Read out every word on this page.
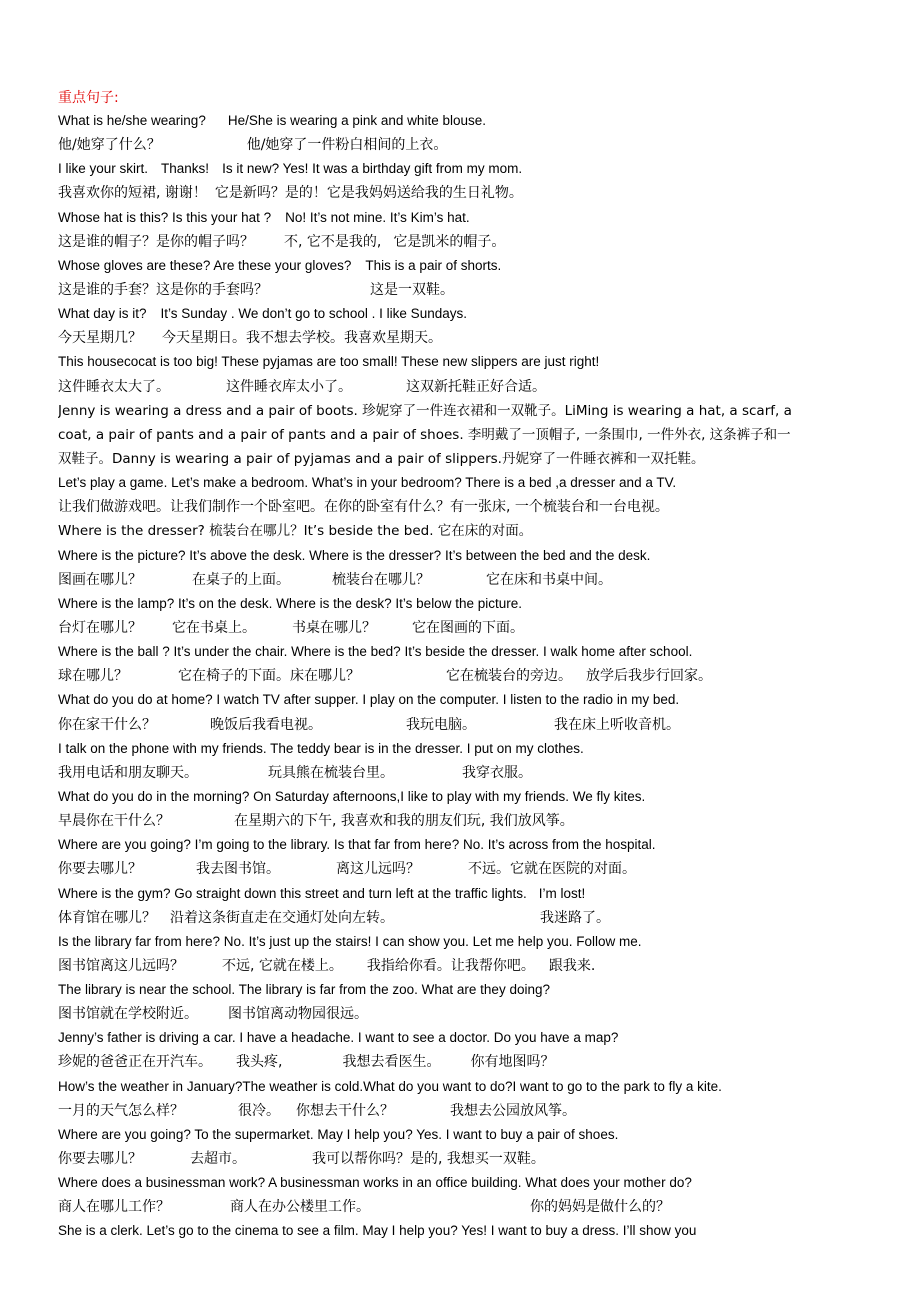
重点句子:
What is he/she wearing? He/She is wearing a pink and white blouse.
他/她穿了什么？	他/她穿了一件粉白相间的上衣。
I like your skirt. Thanks! Is it new? Yes! It was a birthday gift from my mom.
我喜欢你的短裙, 谢谢！ 它是新吗？是的！它是我妈妈送给我的生日礼物。
Whose hat is this? Is this your hat ? No! It’s not mine. It’s Kim’s hat.
这是谁的帽子？是你的帽子吗？ 不, 它不是我的, 它是凯米的帽子。
Whose gloves are these? Are these your gloves? This is a pair of shorts.
这是谁的手套？这是你的手套吗？	这是一双鞋。
What day is it? It’s Sunday . We don’t go to school . I like Sundays.
今天星期几？ 今天星期日。我不想去学校。我喜欢星期天。
This housecocat is too big! These pyjamas are too small! These new slippers are just right!
这件睡衣太大了。	这件睡衣库太小了。	这双新托鞋正好合适。
Jenny is wearing a dress and a pair of boots. 珍妮穿了一件连衣裙和一双靴子。LiMing is wearing a hat, a scarf, a
coat, a pair of pants and a pair of pants and a pair of shoes. 李明戴了一顶帽子, 一条围巾, 一件外衣, 这条裤子和一
双鞋子。Danny is wearing a pair of pyjamas and a pair of slippers.丹妮穿了一件睡衣裤和一双托鞋。
Let’s play a game. Let’s make a bedroom. What’s in your bedroom? There is a bed ,a dresser and a TV.
让我们做游戏吧。让我们制作一个卧室吧。在你的卧室有什么？有一张床, 一个梳装台和一台电视。
Where is the dresser? 梳装台在哪儿？It’s beside the bed. 它在床的对面。
Where is the picture? It’s above the desk. Where is the dresser? It’s between the bed and the desk.
图画在哪儿？	在桌子的上面。	梳装台在哪儿？	它在床和书桌中间。
Where is the lamp? It’s on the desk. Where is the desk? It’s below the picture.
台灯在哪儿？ 它在书桌上。	书桌在哪儿？	它在图画的下面。
Where is the ball ? It’s under the chair. Where is the bed? It’s beside the dresser. I walk home after school.
球在哪儿？	它在椅子的下面。床在哪儿？	它在梳装台的旁边。 放学后我步行回家。
What do you do at home? I watch TV after supper. I play on the computer. I listen to the radio in my bed.
你在家干什么？	晚饭后我看电视。	我玩电脑。	我在床上听收音机。
I talk on the phone with my friends. The teddy bear is in the dresser. I put on my clothes.
我用电话和朋友聊天。	玩具熊在梳装台里。	我穿衣服。
What do you do in the morning? On Saturday afternoons,I like to play with my friends. We fly kites.
早晨你在干什么？	在星期六的下午, 我喜欢和我的朋友们玩, 我们放风筝。
Where are you going? I’m going to the library. Is that far from here? No. It’s across from the hospital.
你要去哪儿？	我去图书馆。	离这儿远吗？	不远。它就在医院的对面。
Where is the gym? Go straight down this street and turn left at the traffic lights. I’m lost!
体育馆在哪儿？ 沿着这条街直走在交通灯处向左转。	我迷路了。
Is the library far from here? No. It’s just up the stairs! I can show you. Let me help you. Follow me.
图书馆离这儿远吗？	不远, 它就在楼上。 我指给你看。让我帮你吧。 跟我来.
The library is near the school. The library is far from the zoo. What are they doing?
图书馆就在学校附近。 图书馆离动物园很远。
Jenny’s father is driving a car. I have a headache. I want to see a doctor. Do you have a map?
珍妮的爸爸正在开汽车。 我头疼,	我想去看医生。 你有地图吗？
How’s the weather in January?The weather is cold.What do you want to do?I want to go to the park to fly a kite.
一月的天气怎么样？	很冷。 你想去干什么？	我想去公园放风筝。
Where are you going? To the supermarket. May I help you? Yes. I want to buy a pair of shoes.
你要去哪儿？	去超市。	我可以帮你吗？是的, 我想买一双鞋。
Where does a businessman work? A businessman works in an office building. What does your mother do?
商人在哪儿工作？	商人在办公楼里工作。	你的妈妈是做什么的？
She is a clerk. Let’s go to the cinema to see a film. May I help you? Yes! I want to buy a dress. I’ll show you
